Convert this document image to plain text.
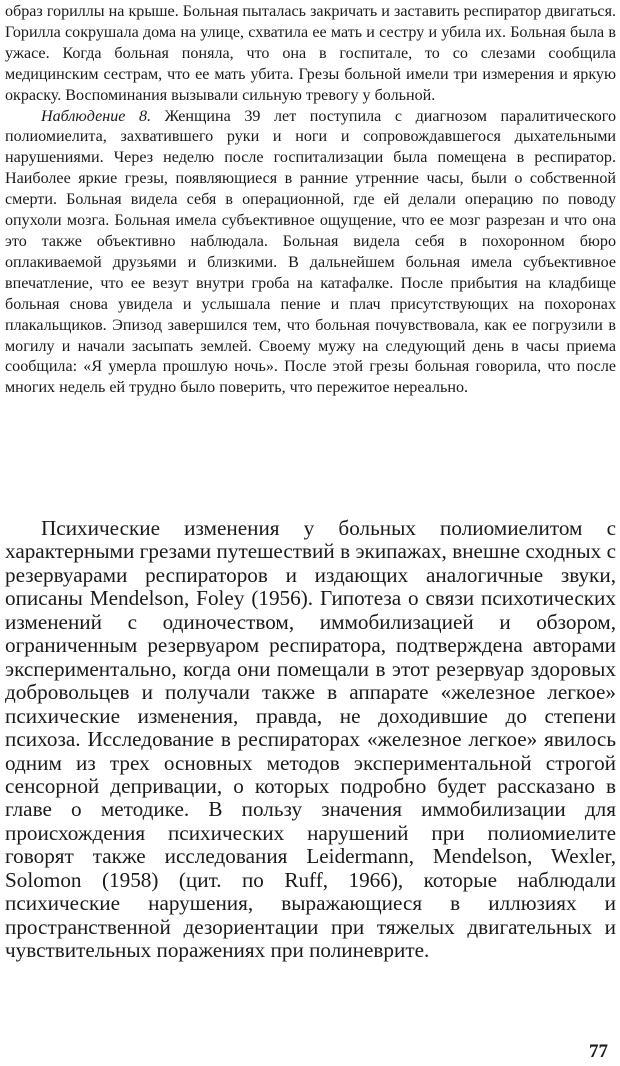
образ гориллы на крыше. Больная пыталась закричать и заставить респиратор двигаться. Горилла сокрушала дома на улице, схватила ее мать и сестру и убила их. Больная была в ужасе. Когда больная поняла, что она в госпитале, то со слезами сообщила медицинским сестрам, что ее мать убита. Грезы больной имели три измерения и яркую окраску. Воспоминания вызывали сильную тревогу у больной.

Наблюдение 8. Женщина 39 лет поступила с диагнозом паралитического полиомиелита, захватившего руки и ноги и сопровождавшегося дыхательными нарушениями. Через неделю после госпитализации была помещена в респиратор. Наиболее яркие грезы, появляющиеся в ранние утренние часы, были о собственной смерти. Больная видела себя в операционной, где ей делали операцию по поводу опухоли мозга. Больная имела субъективное ощущение, что ее мозг разрезан и что она это также объективно наблюдала. Больная видела себя в похоронном бюро оплакиваемой друзьями и близкими. В дальнейшем больная имела субъективное впечатление, что ее везут внутри гроба на катафалке. После прибытия на кладбище больная снова увидела и услышала пение и плач присутствующих на похоронах плакальщиков. Эпизод завершился тем, что больная почувствовала, как ее погрузили в могилу и начали засыпать землей. Своему мужу на следующий день в часы приема сообщила: «Я умерла прошлую ночь». После этой грезы больная говорила, что после многих недель ей трудно было поверить, что пережитое нереально.

Психические изменения у больных полиомиелитом с характерными грезами путешествий в экипажах, внешне сходных с резервуарами респираторов и издающих аналогичные звуки, описаны Mendelson, Foley (1956). Гипотеза о связи психотических изменений с одиночеством, иммобилизацией и обзором, ограниченным резервуаром респиратора, подтверждена авторами экспериментально, когда они помещали в этот резервуар здоровых добровольцев и получали также в аппарате «железное легкое» психические изменения, правда, не доходившие до степени психоза. Исследование в респираторах «железное легкое» явилось одним из трех основных методов экспериментальной строгой сенсорной депривации, о которых подробно будет рассказано в главе о методике. В пользу значения иммобилизации для происхождения психических нарушений при полиомиелите говорят также исследования Leidermann, Mendelson, Wexler, Solomon (1958) (цит. по Ruff, 1966), которые наблюдали психические нарушения, выражающиеся в иллюзиях и пространственной дезориентации при тяжелых двигательных и чувствительных поражениях при полиневрите.

77
